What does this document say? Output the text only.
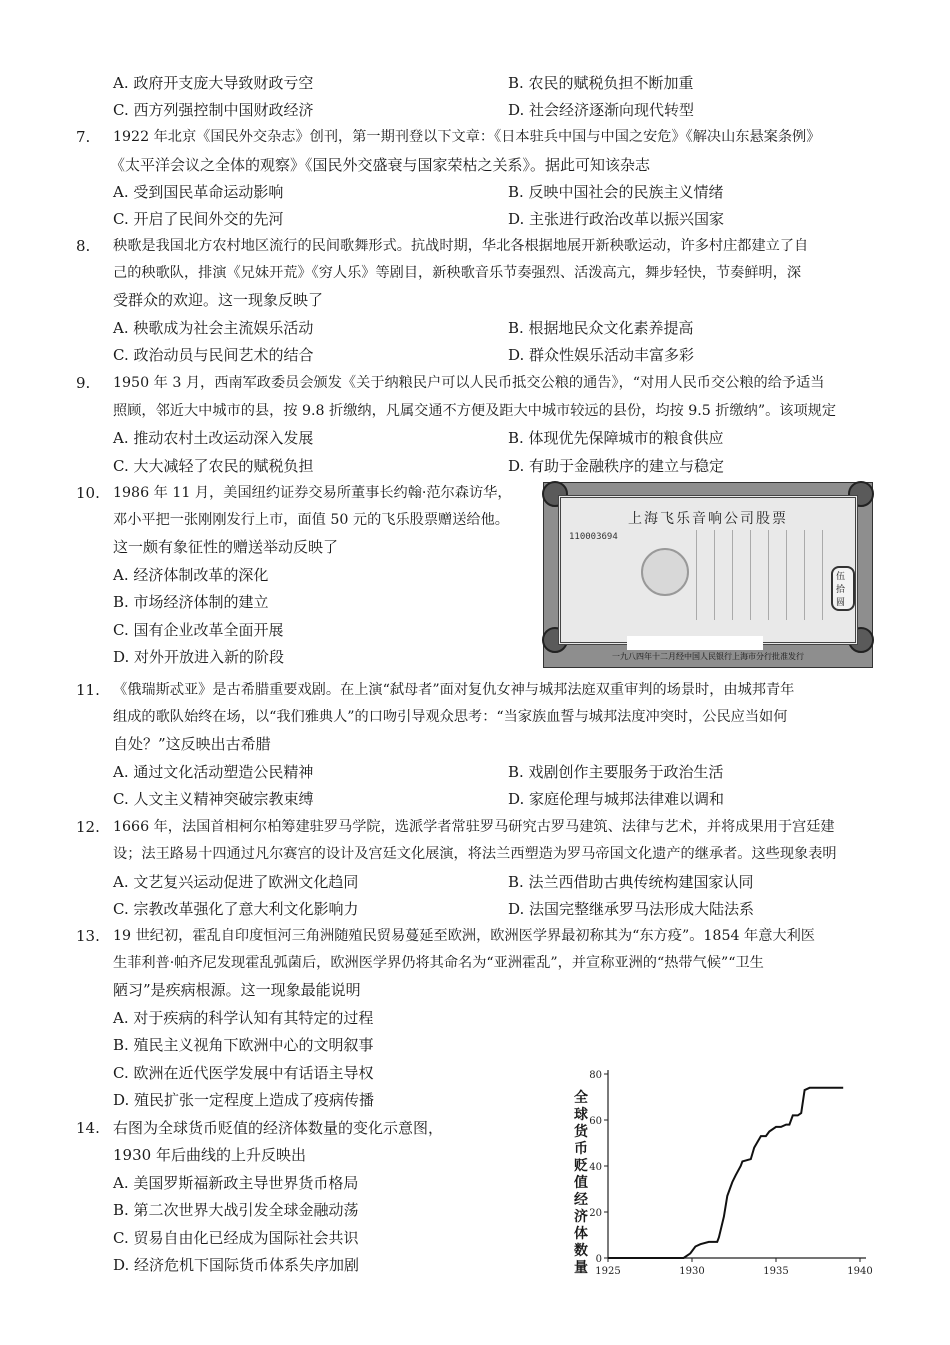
A. 政府开支庞大导致财政亏空	B. 农民的赋税负担不断加重
C. 西方列强控制中国财政经济	D. 社会经济逐渐向现代转型
7. 1922 年北京《国民外交杂志》创刊，第一期刊登以下文章：《日本驻兵中国与中国之安危》《解决山东悬案条例》
《太平洋会议之全体的观察》《国民外交盛衰与国家荣枯之关系》。据此可知该杂志
A. 受到国民革命运动影响	B. 反映中国社会的民族主义情绪
C. 开启了民间外交的先河	D. 主张进行政治改革以振兴国家
8. 秧歌是我国北方农村地区流行的民间歌舞形式。抗战时期，华北各根据地展开新秧歌运动，许多村庄都建立了自
己的秧歌队，排演《兄妹开荒》《穷人乐》等剧目，新秧歌音乐节奏强烈、活泼高亢，舞步轻快，节奏鲜明，深
受群众的欢迎。这一现象反映了
A. 秧歌成为社会主流娱乐活动	B. 根据地民众文化素养提高
C. 政治动员与民间艺术的结合	D. 群众性娱乐活动丰富多彩
9. 1950 年 3 月，西南军政委员会颁发《关于纳粮民户可以人民币抵交公粮的通告》，“对用人民币交公粮的给予适当
照顾，邻近大中城市的县，按 9.8 折缴纳，凡属交通不方便及距大中城市较远的县份，均按 9.5 折缴纳”。该项规定
A. 推动农村土改运动深入发展	B. 体现优先保障城市的粮食供应
C. 大大减轻了农民的赋税负担	D. 有助于金融秩序的建立与稳定
10. 1986 年 11 月，美国纽约证券交易所董事长约翰·范尔森访华，
邓小平把一张刚刚发行上市，面值 50 元的飞乐股票赠送给他。
这一颇有象征性的赠送举动反映了
A. 经济体制改革的深化
B. 市场经济体制的建立
C. 国有企业改革全面开展
D. 对外开放进入新的阶段
上海飞乐音响公司股票
110003694
伍拾圆
一九八四年十二月经中国人民银行上海市分行批准发行
11. 《俄瑞斯忒亚》是古希腊重要戏剧。在上演“弑母者”面对复仇女神与城邦法庭双重审判的场景时，由城邦青年
组成的歌队始终在场，以“我们雅典人”的口吻引导观众思考：“当家族血誓与城邦法度冲突时，公民应当如何
自处？”这反映出古希腊
A. 通过文化活动塑造公民精神	B. 戏剧创作主要服务于政治生活
C. 人文主义精神突破宗教束缚	D. 家庭伦理与城邦法律难以调和
12. 1666 年，法国首相柯尔柏筹建驻罗马学院，选派学者常驻罗马研究古罗马建筑、法律与艺术，并将成果用于宫廷建
设；法王路易十四通过凡尔赛宫的设计及宫廷文化展演，将法兰西塑造为罗马帝国文化遗产的继承者。这些现象表明
A. 文艺复兴运动促进了欧洲文化趋同	B. 法兰西借助古典传统构建国家认同
C. 宗教改革强化了意大利文化影响力	D. 法国完整继承罗马法形成大陆法系
13. 19 世纪初，霍乱自印度恒河三角洲随殖民贸易蔓延至欧洲，欧洲医学界最初称其为“东方疫”。1854 年意大利医
生菲利普·帕齐尼发现霍乱弧菌后，欧洲医学界仍将其命名为“亚洲霍乱”，并宣称亚洲的“热带气候”“卫生
陋习”是疾病根源。这一现象最能说明
A. 对于疾病的科学认知有其特定的过程
B. 殖民主义视角下欧洲中心的文明叙事
C. 欧洲在近代医学发展中有话语主导权
D. 殖民扩张一定程度上造成了疫病传播
14. 右图为全球货币贬值的经济体数量的变化示意图，
1930 年后曲线的上升反映出
A. 美国罗斯福新政主导世界货币格局
B. 第二次世界大战引发全球金融动荡
C. 贸易自由化已经成为国际社会共识
D. 经济危机下国际货币体系失序加剧
全球货币贬值经济体数量
0
20
40
60
80
1925	1930	1935	1940
